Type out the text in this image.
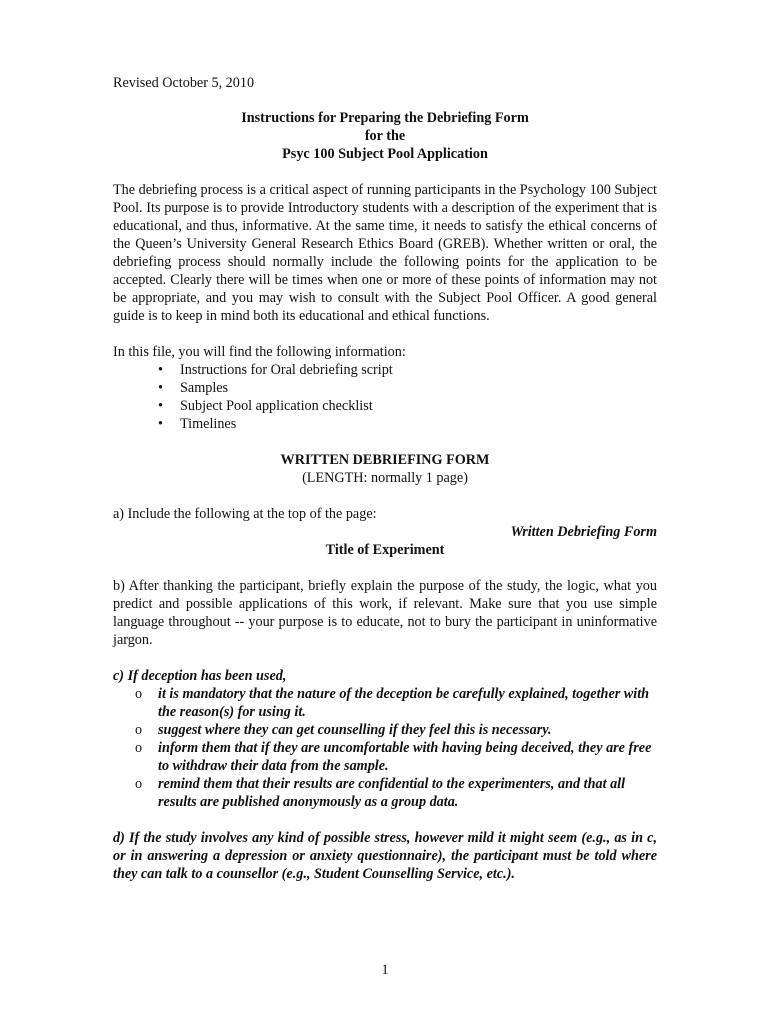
Revised October 5, 2010

Instructions for Preparing the Debriefing Form

for the

Psyc 100 Subject Pool Application

The debriefing process is a critical aspect of running participants in the Psychology 100 Subject Pool. Its purpose is to provide Introductory students with a description of the experiment that is educational, and thus, informative. At the same time, it needs to satisfy the ethical concerns of the Queen’s University General Research Ethics Board (GREB). Whether written or oral, the debriefing process should normally include the following points for the application to be accepted. Clearly there will be times when one or more of these points of information may not be appropriate, and you may wish to consult with the Subject Pool Officer. A good general guide is to keep in mind both its educational and ethical functions.

In this file, you will find the following information:

• Instructions for Oral debriefing script
• Samples
• Subject Pool application checklist
• Timelines

WRITTEN DEBRIEFING FORM

(LENGTH: normally 1 page)

a) Include the following at the top of the page:

Written Debriefing Form

Title of Experiment

b) After thanking the participant, briefly explain the purpose of the study, the logic, what you predict and possible applications of this work, if relevant. Make sure that you use simple language throughout -- your purpose is to educate, not to bury the participant in uninformative jargon.

c) If deception has been used,

o it is mandatory that the nature of the deception be carefully explained, together with the reason(s) for using it.
o suggest where they can get counselling if they feel this is necessary.
o inform them that if they are uncomfortable with having being deceived, they are free to withdraw their data from the sample.
o remind them that their results are confidential to the experimenters, and that all results are published anonymously as a group data.

d) If the study involves any kind of possible stress, however mild it might seem (e.g., as in c, or in answering a depression or anxiety questionnaire), the participant must be told where they can talk to a counsellor (e.g., Student Counselling Service, etc.).

1
